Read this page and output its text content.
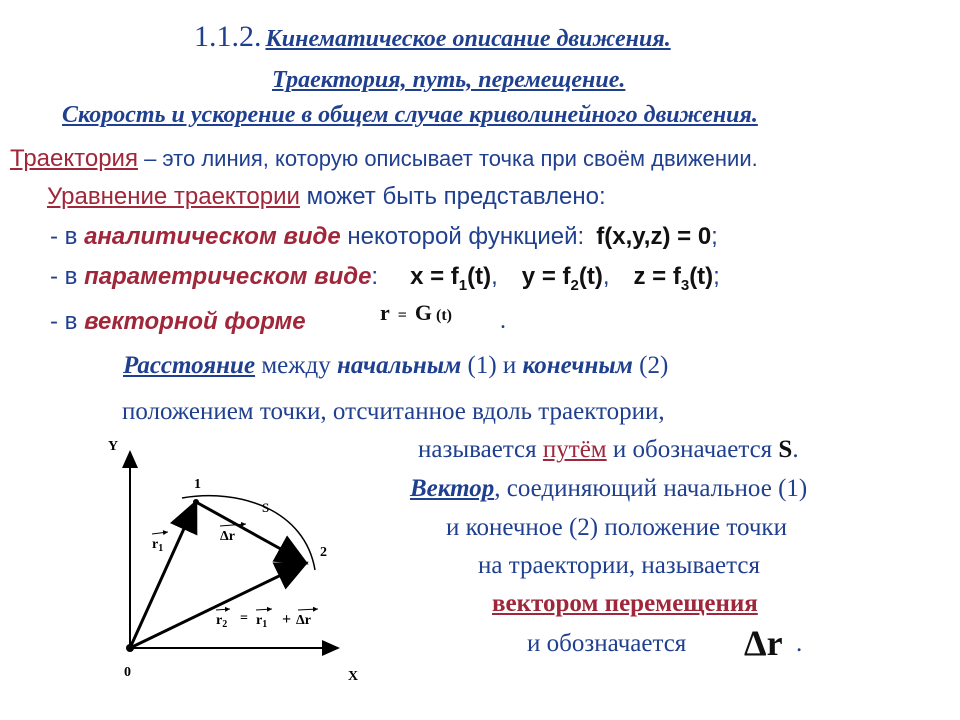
1.1.2. Кинематическое описание движения.
Траектория, путь, перемещение.
Скорость и ускорение в общем случае криволинейного движения.
Траектория – это линия, которую описывает точка при своём движении.
Уравнение траектории может быть представлено:
- в аналитическом виде некоторой функцией: f(x,y,z) = 0;
- в параметрическом виде: $x = f_1(t)$, $y = f_2(t)$, $z = f_3(t)$;
- в векторной форме	r = G (t) .
Расстояние между начальным (1) и конечным (2)
положением точки, отсчитанное вдоль траектории,
называется путём и обозначается S.
Вектор, соединяющий начальное (1)
и конечное (2) положение точки
на траектории, называется
вектором перемещения
и обозначается Δr .
Y
X
0
1
2
S
$r_1$
Δr
$r_2 = r_1 + \Delta r$
